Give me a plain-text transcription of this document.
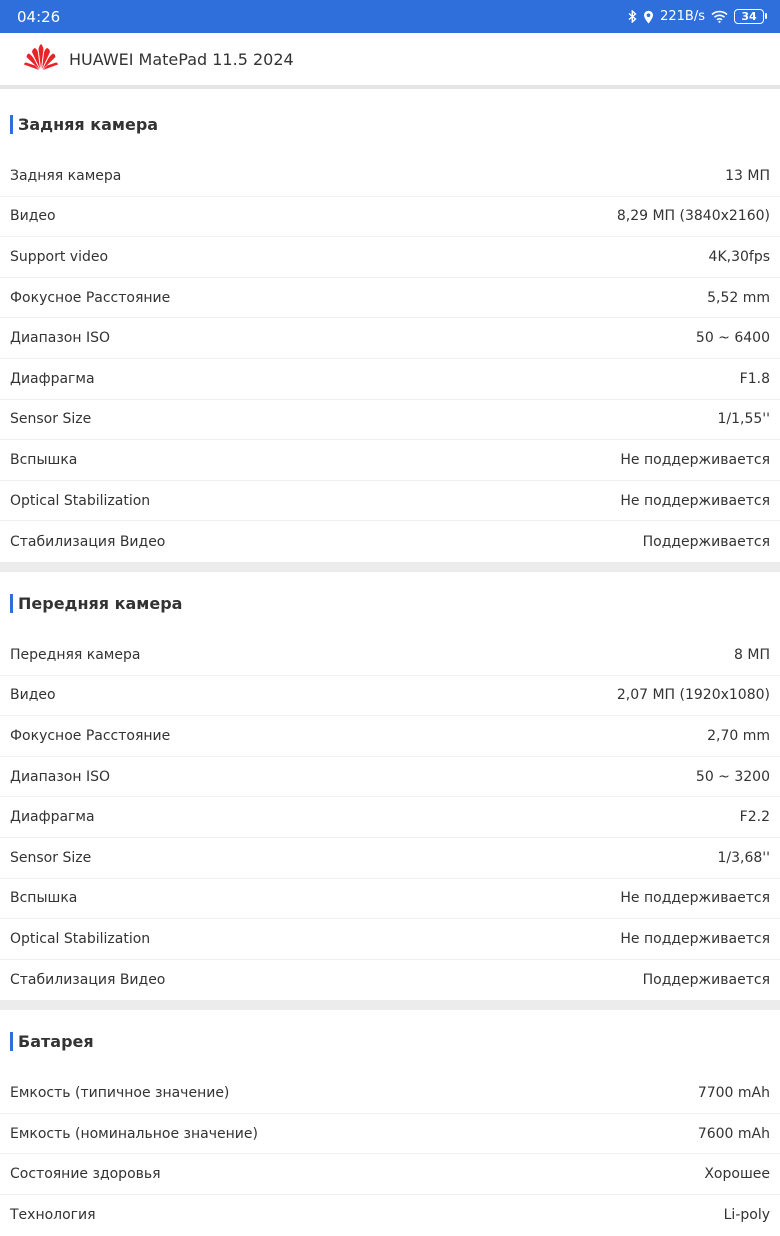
04:26	221B/s	34
HUAWEI MatePad 11.5 2024
Задняя камера
Задняя камера	13 МП
Видео	8,29 МП (3840x2160)
Support video	4K,30fps
Фокусное Расстояние	5,52 mm
Диапазон ISO	50 ~ 6400
Диафрагма	F1.8
Sensor Size	1/1,55''
Вспышка	Не поддерживается
Optical Stabilization	Не поддерживается
Стабилизация Видео	Поддерживается
Передняя камера
Передняя камера	8 МП
Видео	2,07 МП (1920x1080)
Фокусное Расстояние	2,70 mm
Диапазон ISO	50 ~ 3200
Диафрагма	F2.2
Sensor Size	1/3,68''
Вспышка	Не поддерживается
Optical Stabilization	Не поддерживается
Стабилизация Видео	Поддерживается
Батарея
Емкость (типичное значение)	7700 mAh
Емкость (номинальное значение)	7600 mAh
Состояние здоровья	Хорошее
Технология	Li-poly
